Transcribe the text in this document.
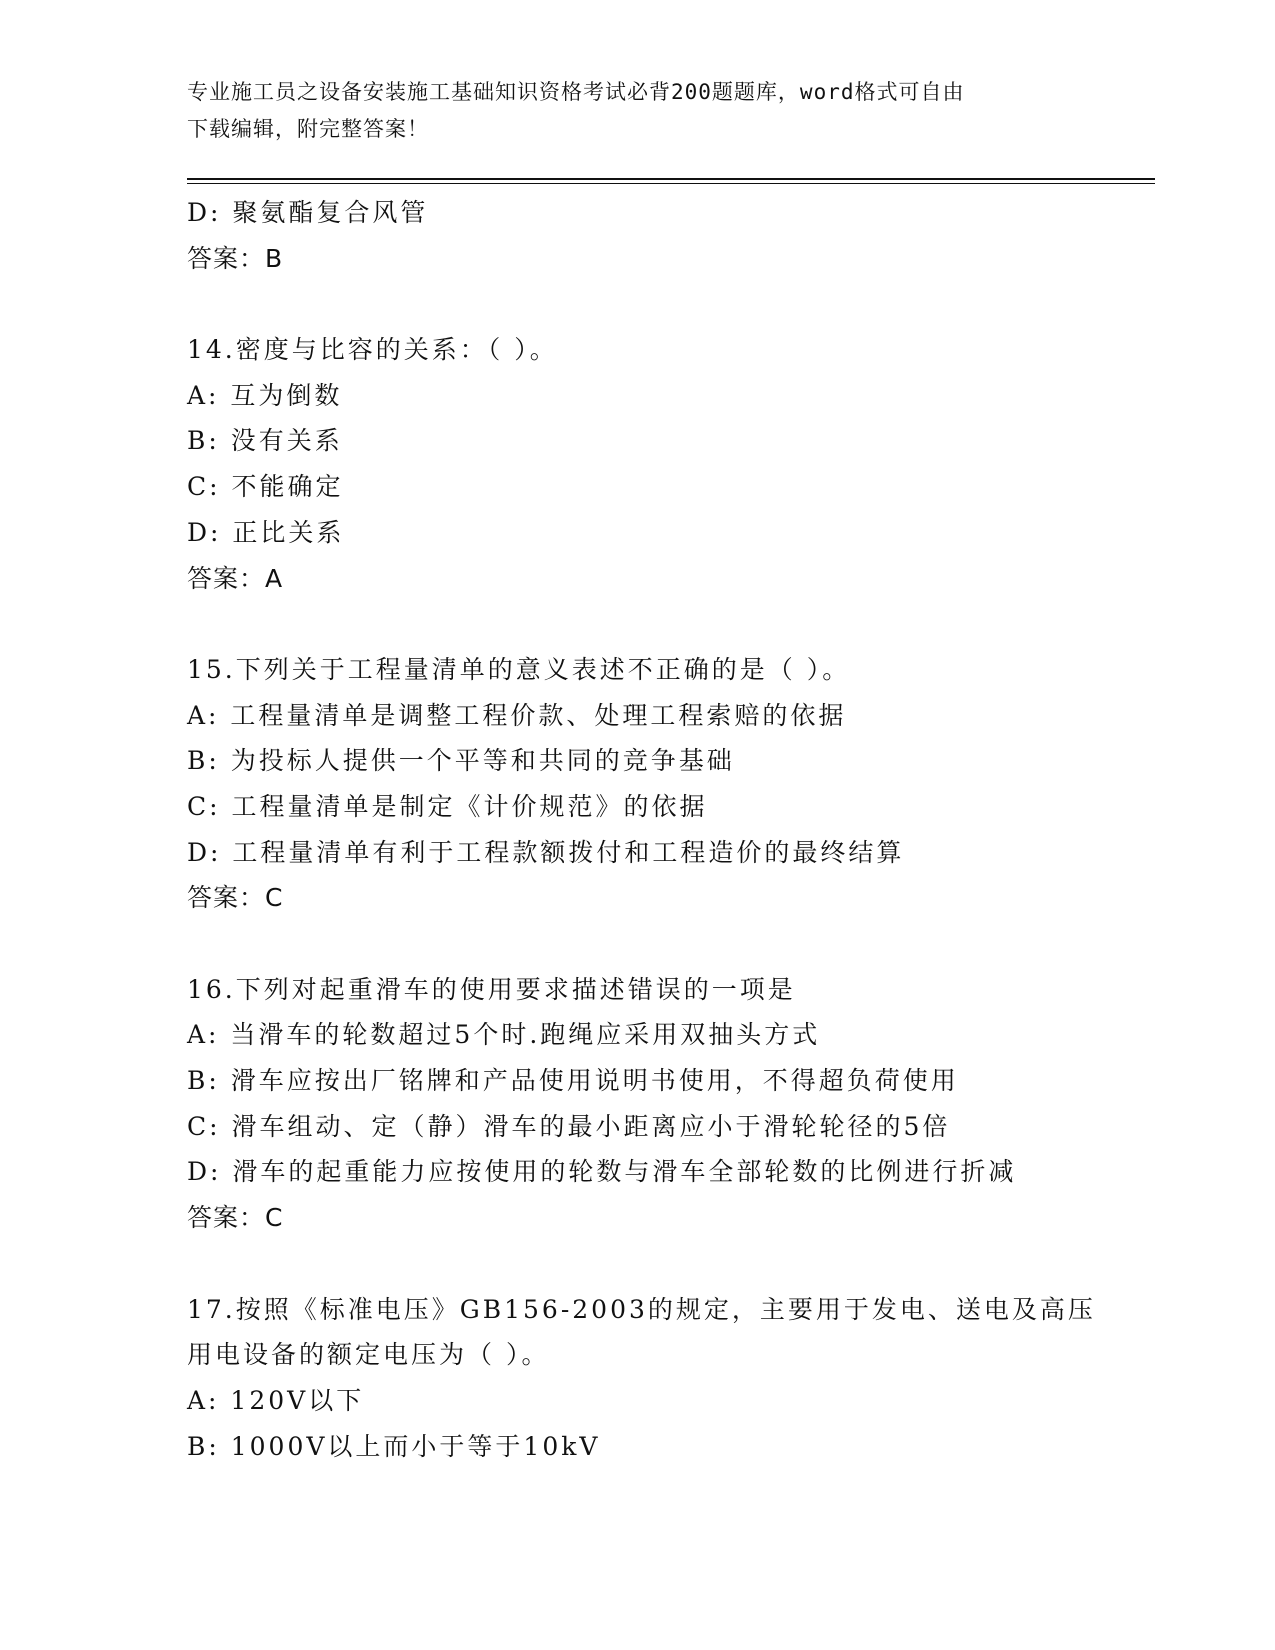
专业施工员之设备安装施工基础知识资格考试必背200题题库，word格式可自由
下载编辑，附完整答案！
D: 聚氨酯复合风管
答案：B
14.密度与比容的关系：（ ）。
A: 互为倒数
B: 没有关系
C: 不能确定
D: 正比关系
答案：A
15.下列关于工程量清单的意义表述不正确的是（ ）。
A: 工程量清单是调整工程价款、处理工程索赔的依据
B: 为投标人提供一个平等和共同的竞争基础
C: 工程量清单是制定《计价规范》的依据
D: 工程量清单有利于工程款额拨付和工程造价的最终结算
答案：C
16.下列对起重滑车的使用要求描述错误的一项是
A: 当滑车的轮数超过5个时.跑绳应采用双抽头方式
B: 滑车应按出厂铭牌和产品使用说明书使用，不得超负荷使用
C: 滑车组动、定（静）滑车的最小距离应小于滑轮轮径的5倍
D: 滑车的起重能力应按使用的轮数与滑车全部轮数的比例进行折减
答案：C
17.按照《标准电压》GB156-2003的规定，主要用于发电、送电及高压
用电设备的额定电压为（ ）。
A: 120V以下
B: 1000V以上而小于等于10kV
